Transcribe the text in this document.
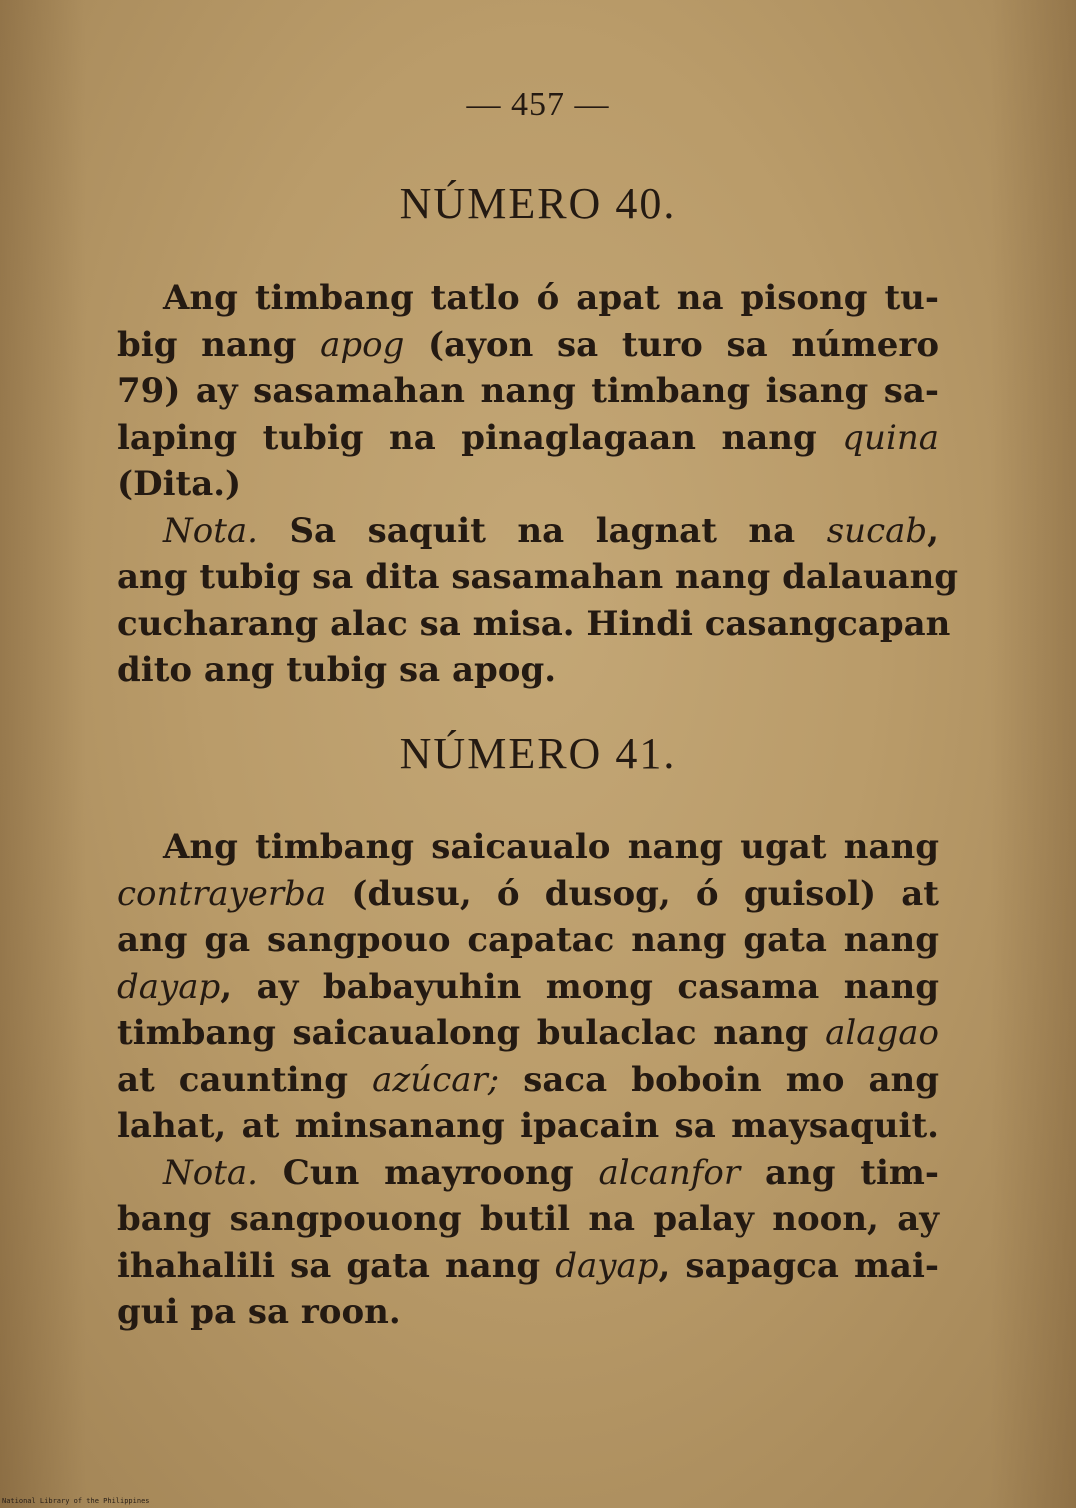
— 457 —
NÚMERO 40.
Ang timbang tatlo ó apat na pisong tu-
big nang apog (ayon sa turo sa número
79) ay sasamahan nang timbang isang sa-
laping tubig na pinaglagaan nang quina
(Dita.)
Nota. Sa saquit na lagnat na sucab,
ang tubig sa dita sasamahan nang dalauang
cucharang alac sa misa. Hindi casangcapan
dito ang tubig sa apog.
NÚMERO 41.
Ang timbang saicaualo nang ugat nang
contrayerba (dusu, ó dusog, ó guisol) at
ang ga sangpouo capatac nang gata nang
dayap, ay babayuhin mong casama nang
timbang saicaualong bulaclac nang alagao
at caunting azúcar; saca boboin mo ang
lahat, at minsanang ipacain sa maysaquit.
Nota. Cun mayroong alcanfor ang tim-
bang sangpouong butil na palay noon, ay
ihahalili sa gata nang dayap, sapagca mai-
gui pa sa roon.
National Library of the Philippines
